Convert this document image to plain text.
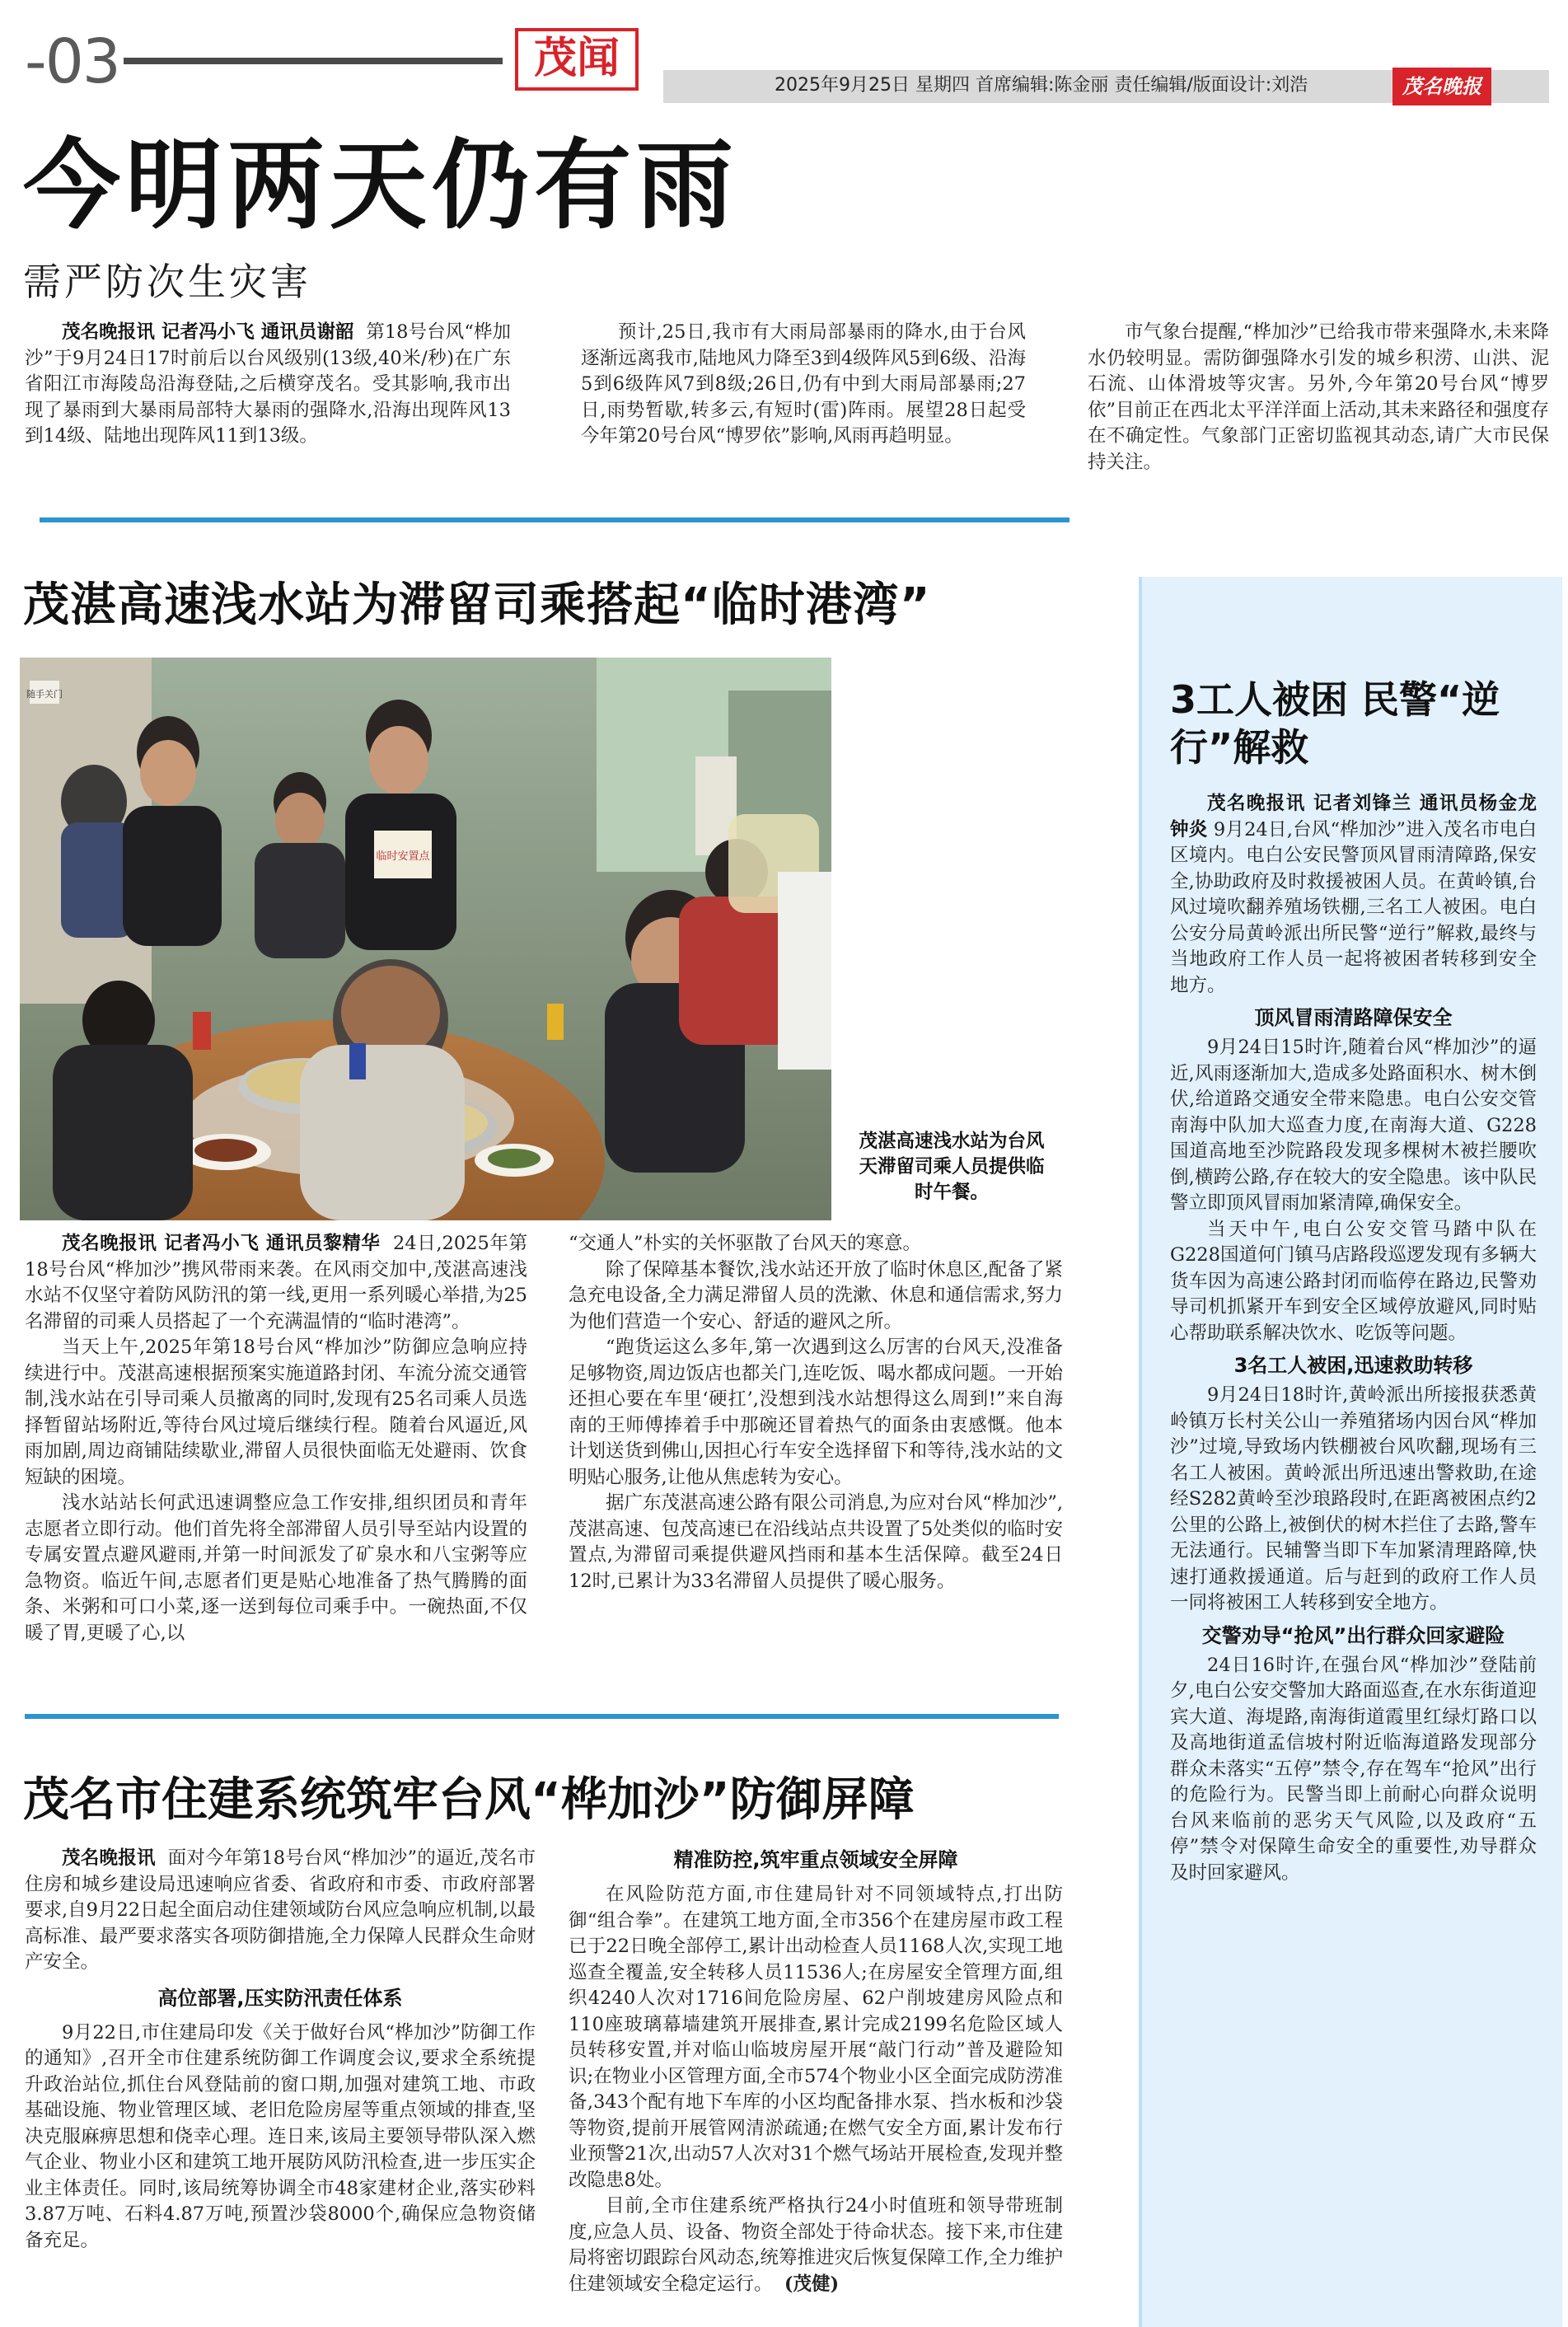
-03	茂闻
2025年9月25日 星期四 首席编辑:陈金丽 责任编辑/版面设计:刘浩	茂名晚报
今明两天仍有雨
需严防次生灾害

茂名晚报讯 记者冯小飞 通讯员谢韶 第18号台风“桦加沙”于9月24日17时前后以台风级别(13级,40米/秒)在广东省阳江市海陵岛沿海登陆,之后横穿茂名。受其影响,我市出现了暴雨到大暴雨局部特大暴雨的强降水,沿海出现阵风13到14级、陆地出现阵风11到13级。

预计,25日,我市有大雨局部暴雨的降水,由于台风逐渐远离我市,陆地风力降至3到4级阵风5到6级、沿海5到6级阵风7到8级;26日,仍有中到大雨局部暴雨;27日,雨势暂歇,转多云,有短时(雷)阵雨。展望28日起受今年第20号台风“博罗依”影响,风雨再趋明显。

市气象台提醒,“桦加沙”已给我市带来强降水,未来降水仍较明显。需防御强降水引发的城乡积涝、山洪、泥石流、山体滑坡等灾害。另外,今年第20号台风“博罗依”目前正在西北太平洋洋面上活动,其未来路径和强度存在不确定性。气象部门正密切监视其动态,请广大市民保持关注。

茂湛高速浅水站为滞留司乘搭起“临时港湾”
随手关门
临时安置点
茂湛高速浅水站为台风天滞留司乘人员提供临时午餐。

茂名晚报讯 记者冯小飞 通讯员黎精华 24日,2025年第18号台风“桦加沙”携风带雨来袭。在风雨交加中,茂湛高速浅水站不仅坚守着防风防汛的第一线,更用一系列暖心举措,为25名滞留的司乘人员搭起了一个充满温情的“临时港湾”。

当天上午,2025年第18号台风“桦加沙”防御应急响应持续进行中。茂湛高速根据预案实施道路封闭、车流分流交通管制,浅水站在引导司乘人员撤离的同时,发现有25名司乘人员选择暂留站场附近,等待台风过境后继续行程。随着台风逼近,风雨加剧,周边商铺陆续歇业,滞留人员很快面临无处避雨、饮食短缺的困境。

浅水站站长何武迅速调整应急工作安排,组织团员和青年志愿者立即行动。他们首先将全部滞留人员引导至站内设置的专属安置点避风避雨,并第一时间派发了矿泉水和八宝粥等应急物资。临近午间,志愿者们更是贴心地准备了热气腾腾的面条、米粥和可口小菜,逐一送到每位司乘手中。一碗热面,不仅暖了胃,更暖了心,以

“交通人”朴实的关怀驱散了台风天的寒意。

除了保障基本餐饮,浅水站还开放了临时休息区,配备了紧急充电设备,全力满足滞留人员的洗漱、休息和通信需求,努力为他们营造一个安心、舒适的避风之所。

“跑货运这么多年,第一次遇到这么厉害的台风天,没准备足够物资,周边饭店也都关门,连吃饭、喝水都成问题。一开始还担心要在车里‘硬扛’,没想到浅水站想得这么周到!”来自海南的王师傅捧着手中那碗还冒着热气的面条由衷感慨。他本计划送货到佛山,因担心行车安全选择留下和等待,浅水站的文明贴心服务,让他从焦虑转为安心。

据广东茂湛高速公路有限公司消息,为应对台风“桦加沙”,茂湛高速、包茂高速已在沿线站点共设置了5处类似的临时安置点,为滞留司乘提供避风挡雨和基本生活保障。截至24日12时,已累计为33名滞留人员提供了暖心服务。

3工人被困 民警“逆行”解救

茂名晚报讯 记者刘锋兰 通讯员杨金龙 钟炎 9月24日,台风“桦加沙”进入茂名市电白区境内。电白公安民警顶风冒雨清障路,保安全,协助政府及时救援被困人员。在黄岭镇,台风过境吹翻养殖场铁棚,三名工人被困。电白公安分局黄岭派出所民警“逆行”解救,最终与当地政府工作人员一起将被困者转移到安全地方。

顶风冒雨清路障保安全

9月24日15时许,随着台风“桦加沙”的逼近,风雨逐渐加大,造成多处路面积水、树木倒伏,给道路交通安全带来隐患。电白公安交管南海中队加大巡查力度,在南海大道、G228国道高地至沙院路段发现多棵树木被拦腰吹倒,横跨公路,存在较大的安全隐患。该中队民警立即顶风冒雨加紧清障,确保安全。

当天中午,电白公安交管马踏中队在G228国道何门镇马店路段巡逻发现有多辆大货车因为高速公路封闭而临停在路边,民警劝导司机抓紧开车到安全区域停放避风,同时贴心帮助联系解决饮水、吃饭等问题。

3名工人被困,迅速救助转移

9月24日18时许,黄岭派出所接报获悉黄岭镇万长村关公山一养殖猪场内因台风“桦加沙”过境,导致场内铁棚被台风吹翻,现场有三名工人被困。黄岭派出所迅速出警救助,在途经S282黄岭至沙琅路段时,在距离被困点约2公里的公路上,被倒伏的树木拦住了去路,警车无法通行。民辅警当即下车加紧清理路障,快速打通救援通道。后与赶到的政府工作人员一同将被困工人转移到安全地方。

交警劝导“抢风”出行群众回家避险

24日16时许,在强台风“桦加沙”登陆前夕,电白公安交警加大路面巡查,在水东街道迎宾大道、海堤路,南海街道霞里红绿灯路口以及高地街道孟信坡村附近临海道路发现部分群众未落实“五停”禁令,存在驾车“抢风”出行的危险行为。民警当即上前耐心向群众说明台风来临前的恶劣天气风险,以及政府“五停”禁令对保障生命安全的重要性,劝导群众及时回家避风。

茂名市住建系统筑牢台风“桦加沙”防御屏障

茂名晚报讯 面对今年第18号台风“桦加沙”的逼近,茂名市住房和城乡建设局迅速响应省委、省政府和市委、市政府部署要求,自9月22日起全面启动住建领域防台风应急响应机制,以最高标准、最严要求落实各项防御措施,全力保障人民群众生命财产安全。

高位部署,压实防汛责任体系

9月22日,市住建局印发《关于做好台风“桦加沙”防御工作的通知》,召开全市住建系统防御工作调度会议,要求全系统提升政治站位,抓住台风登陆前的窗口期,加强对建筑工地、市政基础设施、物业管理区域、老旧危险房屋等重点领域的排查,坚决克服麻痹思想和侥幸心理。连日来,该局主要领导带队深入燃气企业、物业小区和建筑工地开展防风防汛检查,进一步压实企业主体责任。同时,该局统筹协调全市48家建材企业,落实砂料3.87万吨、石料4.87万吨,预置沙袋8000个,确保应急物资储备充足。

精准防控,筑牢重点领域安全屏障

在风险防范方面,市住建局针对不同领域特点,打出防御“组合拳”。在建筑工地方面,全市356个在建房屋市政工程已于22日晚全部停工,累计出动检查人员1168人次,实现工地巡查全覆盖,安全转移人员11536人;在房屋安全管理方面,组织4240人次对1716间危险房屋、62户削坡建房风险点和110座玻璃幕墙建筑开展排查,累计完成2199名危险区域人员转移安置,并对临山临坡房屋开展“敲门行动”普及避险知识;在物业小区管理方面,全市574个物业小区全面完成防涝准备,343个配有地下车库的小区均配备排水泵、挡水板和沙袋等物资,提前开展管网清淤疏通;在燃气安全方面,累计发布行业预警21次,出动57人次对31个燃气场站开展检查,发现并整改隐患8处。

目前,全市住建系统严格执行24小时值班和领导带班制度,应急人员、设备、物资全部处于待命状态。接下来,市住建局将密切跟踪台风动态,统筹推进灾后恢复保障工作,全力维护住建领域安全稳定运行。 (茂健)
